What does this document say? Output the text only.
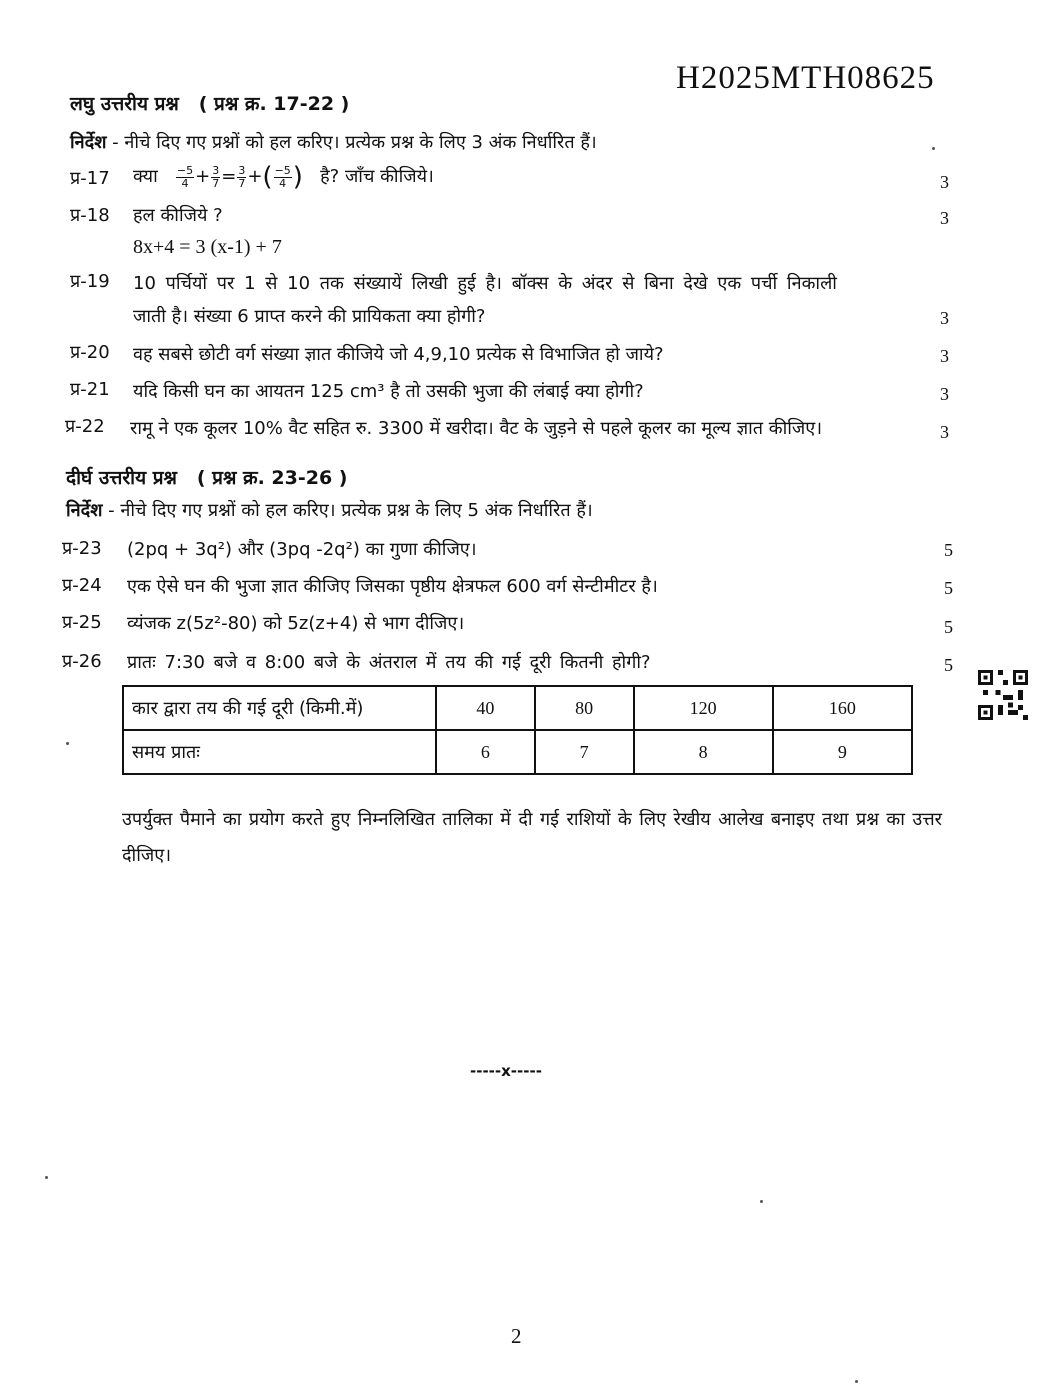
H2025MTH08625
लघु उत्तरीय प्रश्न ( प्रश्न क्र. 17-22 )
निर्देश - नीचे दिए गए प्रश्नों को हल करिए। प्रत्येक प्रश्न के लिए 3 अंक निर्धारित हैं।
प्र-17 क्या $\frac{-5}{4} + \frac{3}{7} = \frac{3}{7}$ +( $\frac{-5}{4}$ ) है? जाँच कीजिये।	3
प्र-18 हल कीजिये ?
8x+4 = 3 (x-1) + 7
3
प्र-19 10 पर्चियों पर 1 से 10 तक संख्यायें लिखी हुई है। बॉक्स के अंदर से बिना देखे एक पर्ची निकाली
जाती है। संख्या 6 प्राप्त करने की प्रायिकता क्या होगी?	3
प्र-20 वह सबसे छोटी वर्ग संख्या ज्ञात कीजिये जो 4,9,10 प्रत्येक से विभाजित हो जाये?	3
प्र-21 यदि किसी घन का आयतन 125 cm³ है तो उसकी भुजा की लंबाई क्या होगी?	3
प्र-22 रामू ने एक कूलर 10% वैट सहित रु. 3300 में खरीदा। वैट के जुड़ने से पहले कूलर का मूल्य ज्ञात कीजिए।	3
दीर्घ उत्तरीय प्रश्न ( प्रश्न क्र. 23-26 )
निर्देश - नीचे दिए गए प्रश्नों को हल करिए। प्रत्येक प्रश्न के लिए 5 अंक निर्धारित हैं।
प्र-23 (2pq + 3q²) और (3pq -2q²) का गुणा कीजिए।	5
प्र-24 एक ऐसे घन की भुजा ज्ञात कीजिए जिसका पृष्ठीय क्षेत्रफल 600 वर्ग सेन्टीमीटर है।	5
प्र-25 व्यंजक z(5z²-80) को 5z(z+4) से भाग दीजिए।	5
प्र-26 प्रातः 7:30 बजे व 8:00 बजे के अंतराल में तय की गई दूरी कितनी होगी?	5
कार द्वारा तय की गई दूरी (किमी.में)	40	80	120	160
समय प्रातः	6	7	8	9
उपर्युक्त पैमाने का प्रयोग करते हुए निम्नलिखित तालिका में दी गई राशियों के लिए रेखीय आलेख बनाइए तथा प्रश्न का उत्तर दीजिए।
-----x-----
2
